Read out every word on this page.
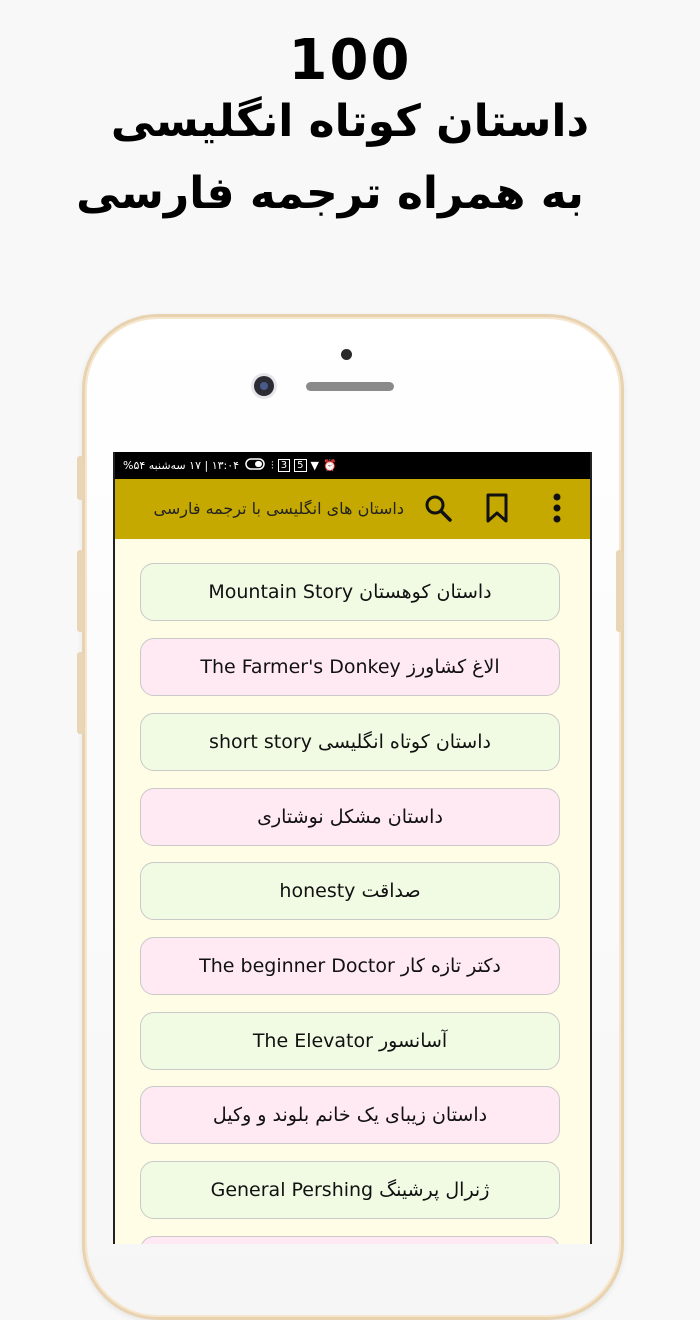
100
داستان کوتاه انگلیسی
به همراه ترجمه فارسی
⏰
▼
5
3
⫶
۱۳:۰۴ | ۱۷ سه‌شنبه ۵۴%
داستان های انگلیسی با ترجمه فارسی
داستان کوهستان Mountain Story
الاغ کشاورز The Farmer's Donkey
داستان کوتاه انگلیسی short story
داستان مشکل نوشتاری
صداقت honesty
دکتر تازه کار The beginner Doctor
آسانسور The Elevator
داستان زیبای یک خانم بلوند و وکیل
ژنرال پرشینگ General Pershing
